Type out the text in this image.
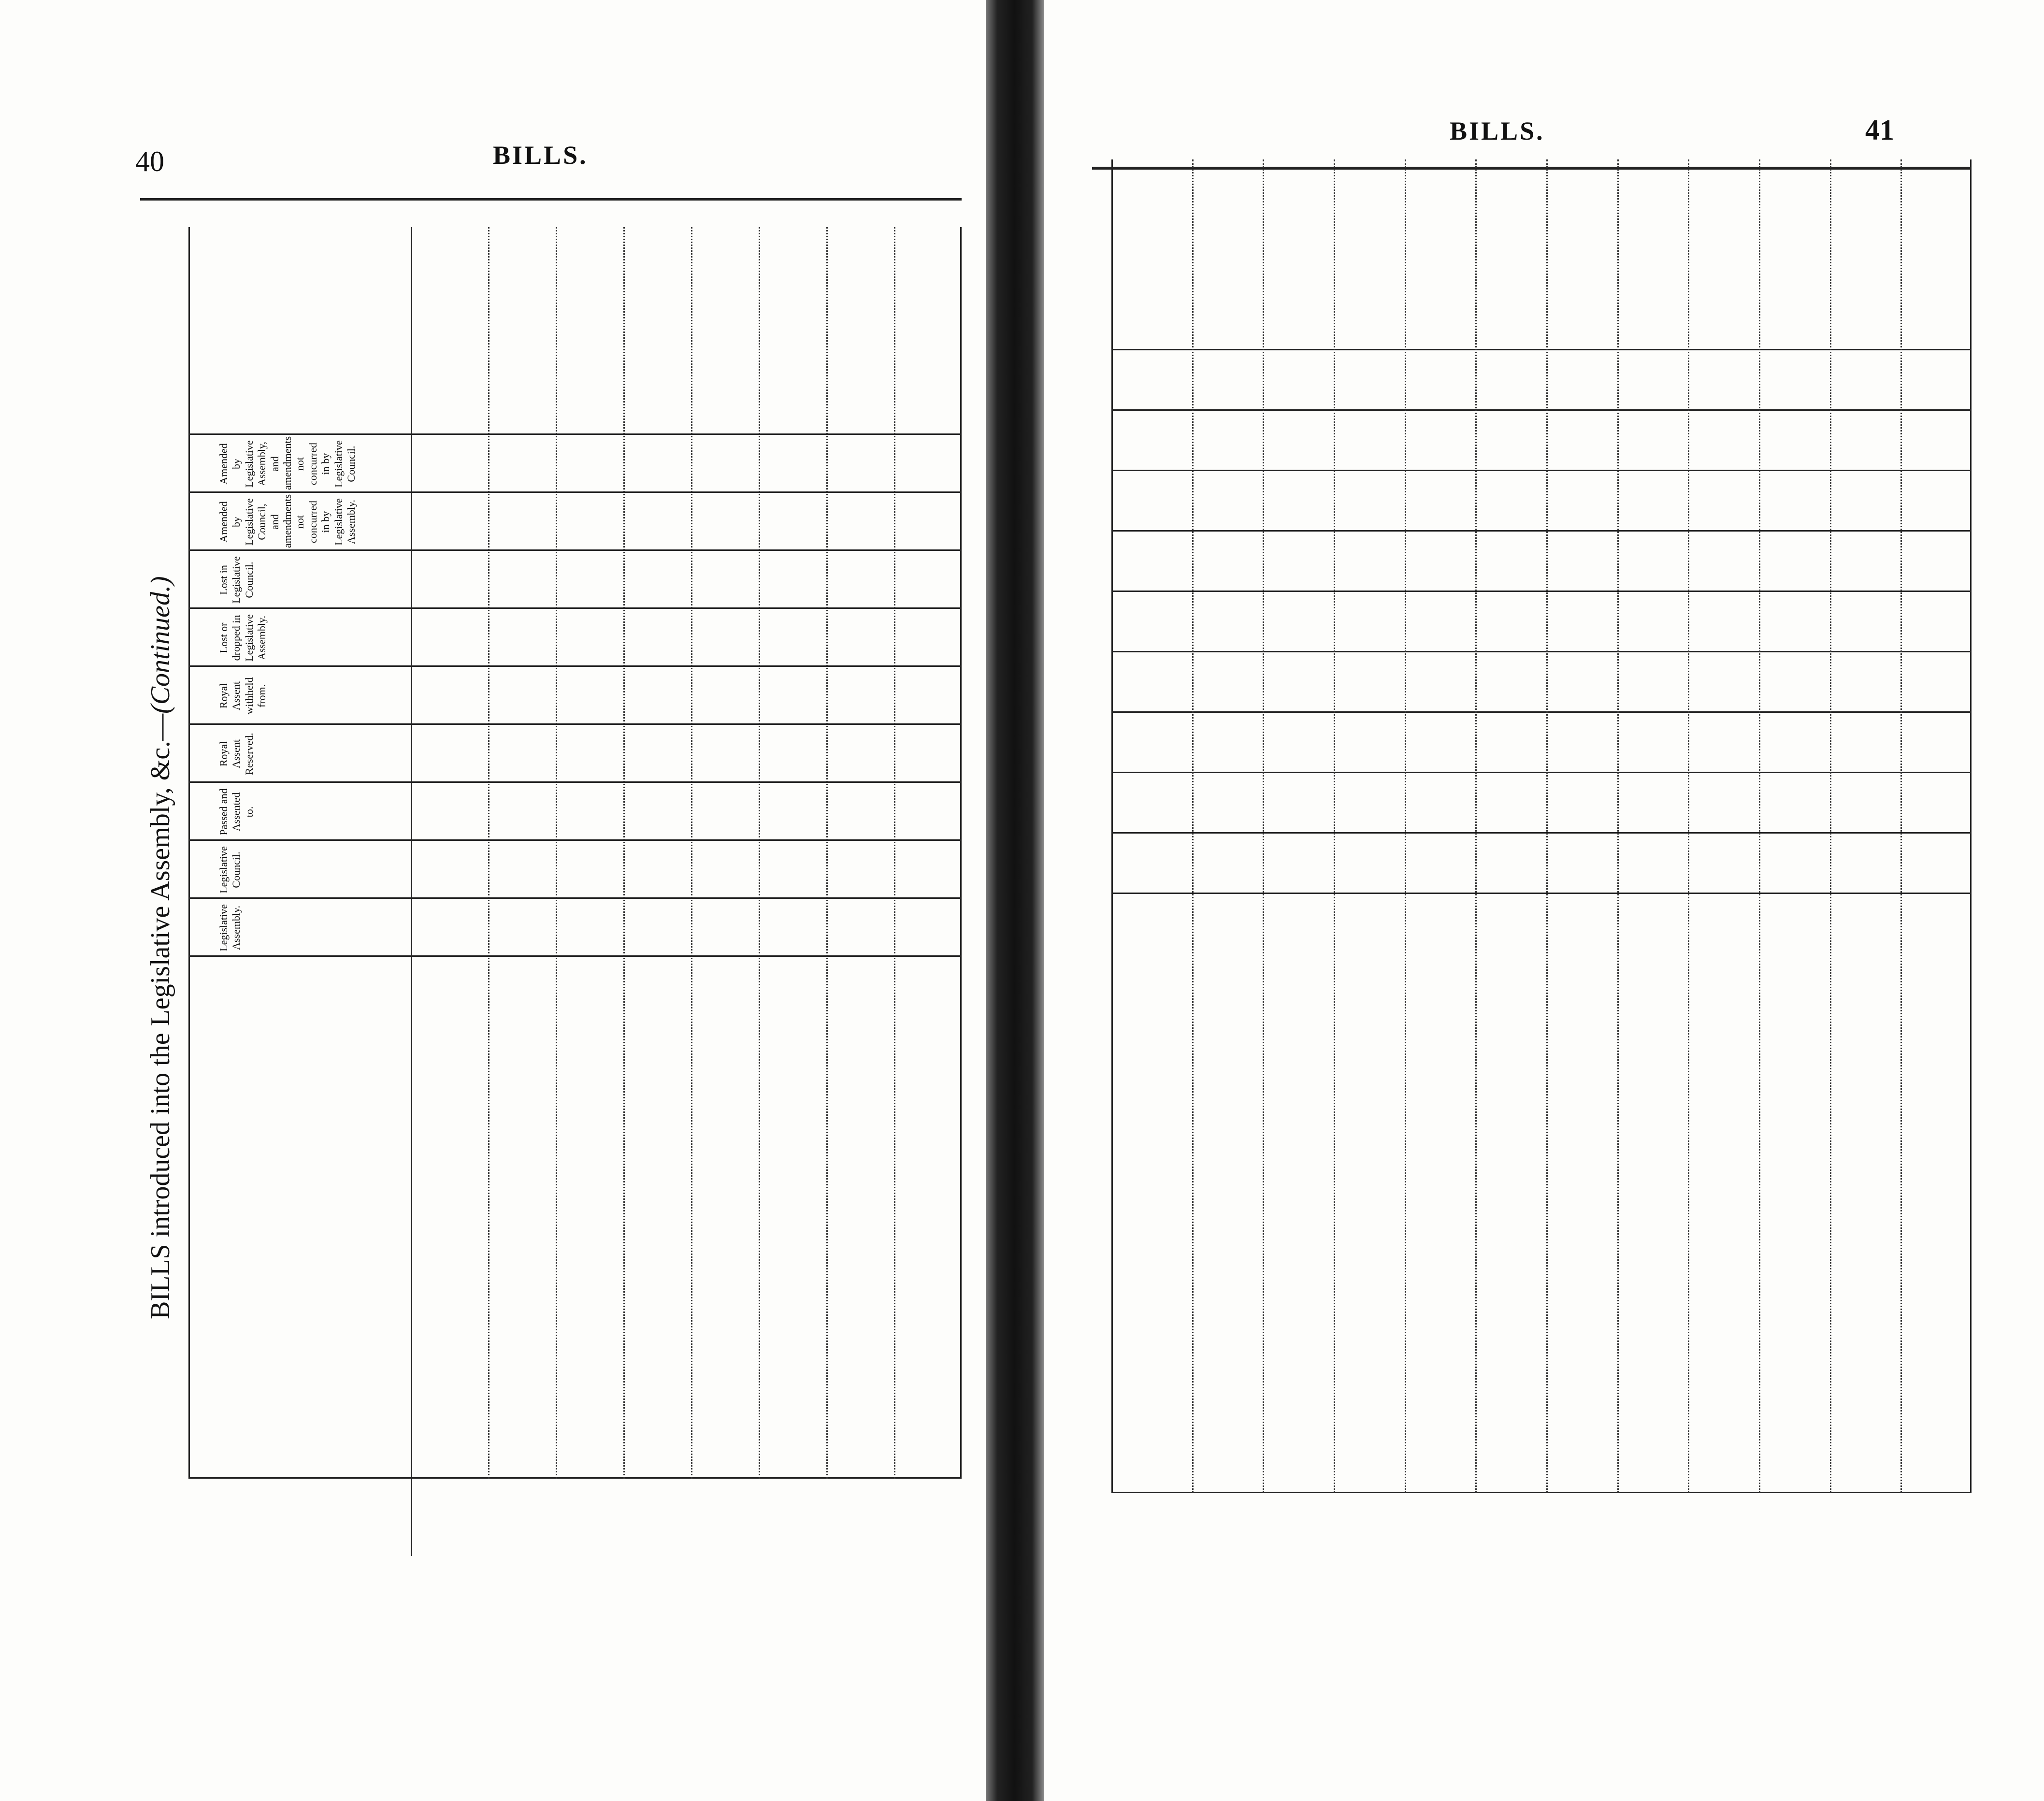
40	BILLS.
BILLS introduced into the Legislative Assembly, &c.—(Continued.)
Legislative Assembly.
Legislative Council.
Passed and Assented to.
Royal Assent Reserved.
Royal Assent withheld from.
Lost or dropped in Legislative Assembly.
Lost in Legislative Council.
Amended by Legislative Council, and amendments not concurred in by Legislative Assembly.
Amended by Legislative Assembly, and amendments not concurred in by Legislative Council.
BILLS.	41
